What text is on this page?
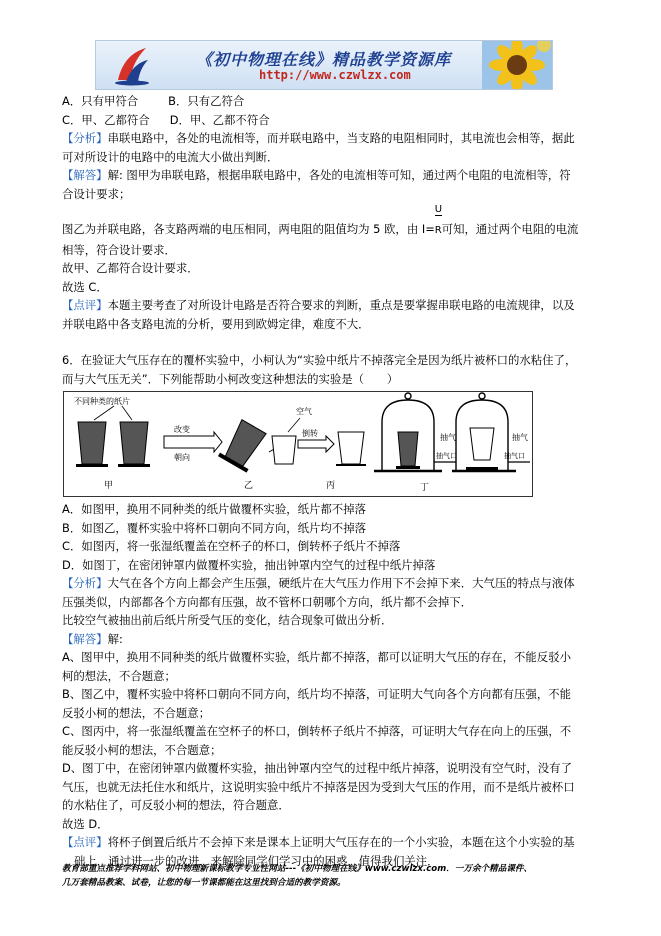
《初中物理在线》精品教学资源库
http://www.czwlzx.com
A．只有甲符合	B．只有乙符合
C．甲、乙都符合 D．甲、乙都不符合
【分析】串联电路中，各处的电流相等，而并联电路中，当支路的电阻相同时，其电流也会相等，据此
可对所设计的电路中的电流大小做出判断．
【解答】解: 图甲为串联电路，根据串联电路中，各处的电流相等可知，通过两个电阻的电流相等，符
合设计要求；
图乙为并联电路，各支路两端的电压相同，两电阻的阻值均为 5 欧，由 I=
U
R可知，通过两个电阻的电流
相等，符合设计要求．
故甲、乙都符合设计要求．
故选 C．
【点评】本题主要考查了对所设计电路是否符合要求的判断，重点是要掌握串联电路的电流规律，以及
并联电路中各支路电流的分析，要用到欧姆定律，难度不大．
6．在验证大气压存在的覆杯实验中，小柯认为“实验中纸片不掉落完全是因为纸片被杯口的水粘住了，
而与大气压无关”．下列能帮助小柯改变这种想法的实验是（　　）
不同种类的纸片
甲
改变
朝向
乙
空气
倒转
丙
抽气
抽气口
抽气
抽气口
丁
A．如图甲，换用不同种类的纸片做覆杯实验，纸片都不掉落
B．如图乙，覆杯实验中将杯口朝向不同方向，纸片均不掉落
C．如图丙，将一张湿纸覆盖在空杯子的杯口，倒转杯子纸片不掉落
D．如图丁，在密闭钟罩内做覆杯实验，抽出钟罩内空气的过程中纸片掉落
【分析】大气在各个方向上都会产生压强，硬纸片在大气压力作用下不会掉下来．大气压的特点与液体
压强类似，内部都各个方向都有压强，故不管杯口朝哪个方向，纸片都不会掉下．
比较空气被抽出前后纸片所受气压的变化，结合现象可做出分析．
【解答】解:
A、图甲中，换用不同种类的纸片做覆杯实验，纸片都不掉落，都可以证明大气压的存在，不能反驳小
柯的想法，不合题意；
B、图乙中，覆杯实验中将杯口朝向不同方向，纸片均不掉落，可证明大气向各个方向都有压强，不能
反驳小柯的想法，不合题意；
C、图丙中，将一张湿纸覆盖在空杯子的杯口，倒转杯子纸片不掉落，可证明大气存在向上的压强，不
能反驳小柯的想法，不合题意；
D、图丁中，在密闭钟罩内做覆杯实验，抽出钟罩内空气的过程中纸片掉落，说明没有空气时，没有了
气压，也就无法托住水和纸片，这说明实验中纸片不掉落是因为受到大气压的作用，而不是纸片被杯口
的水粘住了，可反驳小柯的想法，符合题意．
故选 D．
【点评】将杯子倒置后纸片不会掉下来是课本上证明大气压存在的一个小实验，本题在这个小实验的基
础上，通过进一步的改进，来解除同学们学习中的困惑，值得我们关注．
教育部重点推荐学科网站、初中物理新课标教学专业性网站---《初中物理在线》www.czwlzx.com．一万余个精品课件、
几万套精品教案、试卷，让您的每一节课都能在这里找到合适的教学资源。
